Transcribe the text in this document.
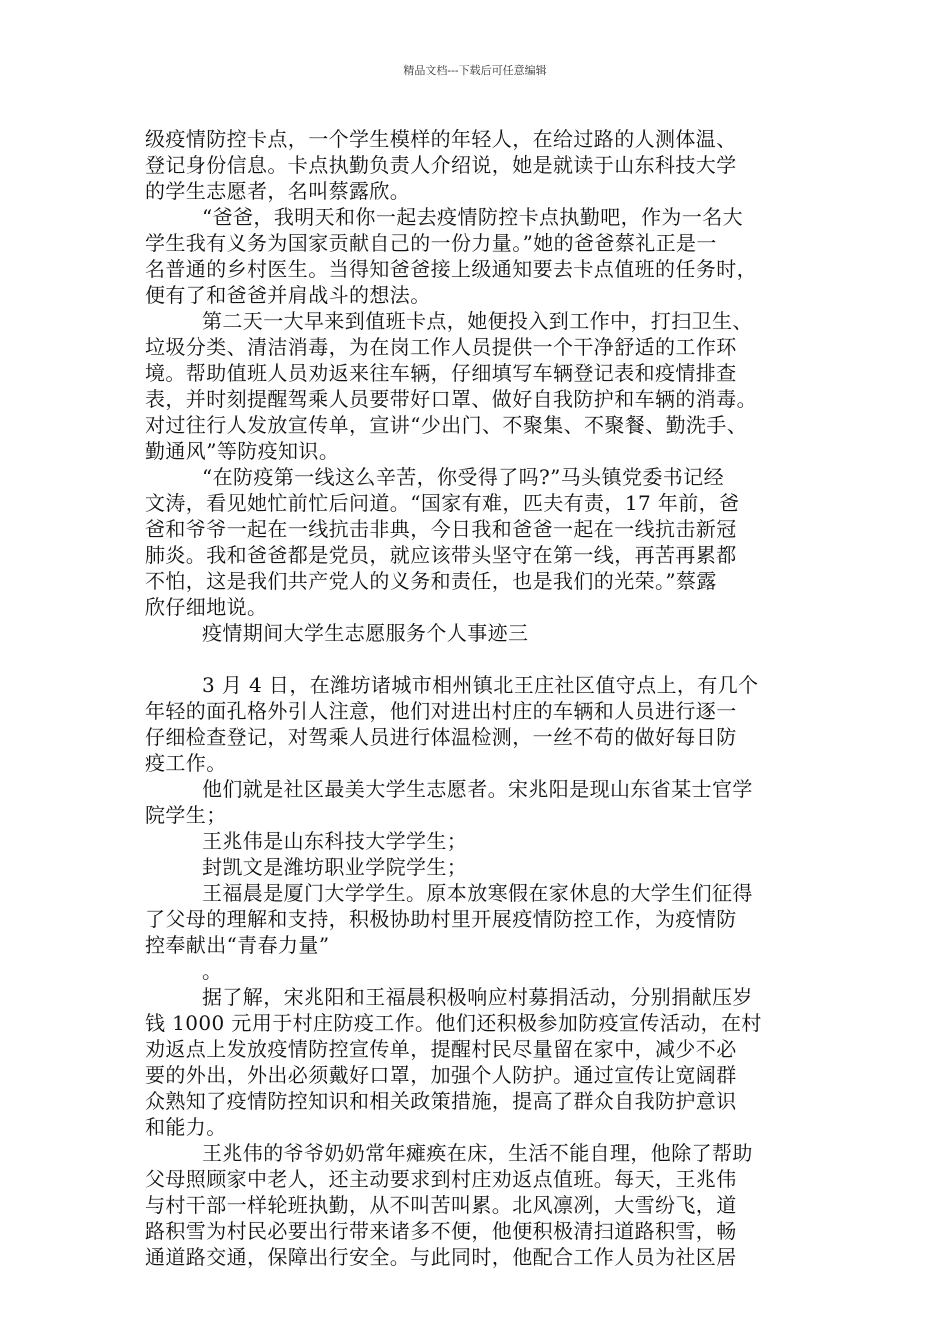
精品文档---下载后可任意编辑
级疫情防控卡点，一个学生模样的年轻人，在给过路的人测体温、
登记身份信息。卡点执勤负责人介绍说，她是就读于山东科技大学
的学生志愿者，名叫蔡露欣。
“爸爸，我明天和你一起去疫情防控卡点执勤吧，作为一名大
学生我有义务为国家贡献自己的一份力量。”她的爸爸蔡礼正是一
名普通的乡村医生。当得知爸爸接上级通知要去卡点值班的任务时，
便有了和爸爸并肩战斗的想法。
第二天一大早来到值班卡点，她便投入到工作中，打扫卫生、
垃圾分类、清洁消毒，为在岗工作人员提供一个干净舒适的工作环
境。帮助值班人员劝返来往车辆，仔细填写车辆登记表和疫情排查
表，并时刻提醒驾乘人员要带好口罩、做好自我防护和车辆的消毒。
对过往行人发放宣传单，宣讲“少出门、不聚集、不聚餐、勤洗手、
勤通风”等防疫知识。
“在防疫第一线这么辛苦，你受得了吗?”马头镇党委书记经
文涛，看见她忙前忙后问道。“国家有难，匹夫有责，17 年前，爸
爸和爷爷一起在一线抗击非典，今日我和爸爸一起在一线抗击新冠
肺炎。我和爸爸都是党员，就应该带头坚守在第一线，再苦再累都
不怕，这是我们共产党人的义务和责任，也是我们的光荣。”蔡露
欣仔细地说。
疫情期间大学生志愿服务个人事迹三
3 月 4 日，在潍坊诸城市相州镇北王庄社区值守点上，有几个
年轻的面孔格外引人注意，他们对进出村庄的车辆和人员进行逐一
仔细检查登记，对驾乘人员进行体温检测，一丝不苟的做好每日防
疫工作。
他们就是社区最美大学生志愿者。宋兆阳是现山东省某士官学
院学生；
王兆伟是山东科技大学学生；
封凯文是潍坊职业学院学生；
王福晨是厦门大学学生。原本放寒假在家休息的大学生们征得
了父母的理解和支持，积极协助村里开展疫情防控工作，为疫情防
控奉献出“青春力量”
。
据了解，宋兆阳和王福晨积极响应村募捐活动，分别捐献压岁
钱 1000 元用于村庄防疫工作。他们还积极参加防疫宣传活动，在村
劝返点上发放疫情防控宣传单，提醒村民尽量留在家中，减少不必
要的外出，外出必须戴好口罩，加强个人防护。通过宣传让宽阔群
众熟知了疫情防控知识和相关政策措施，提高了群众自我防护意识
和能力。
王兆伟的爷爷奶奶常年瘫痪在床，生活不能自理，他除了帮助
父母照顾家中老人，还主动要求到村庄劝返点值班。每天，王兆伟
与村干部一样轮班执勤，从不叫苦叫累。北风凛冽，大雪纷飞，道
路积雪为村民必要出行带来诸多不便，他便积极清扫道路积雪，畅
通道路交通，保障出行安全。与此同时，他配合工作人员为社区居
